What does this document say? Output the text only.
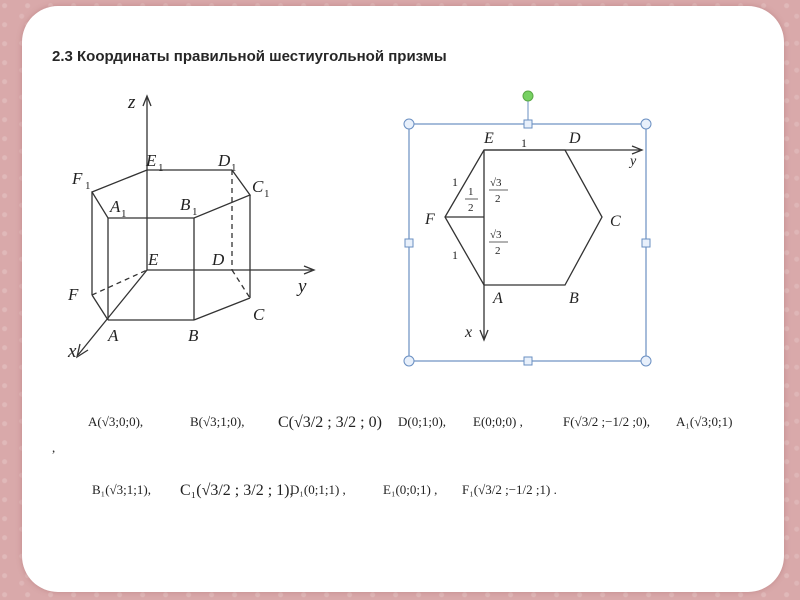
2.3 Координаты правильной шестиугольной призмы
z
y
x
F 1
E 1	D 1
C 1
A 1	B 1
E	D
F
C
A	B
E	D
F	C
A	B
y
x
1
1
1
1
2
√3
2
√3
2
A(√3;0;0),	B(√3;1;0), C(√3/2 ; 3/2 ; 0) D(0;1;0), E(0;0;0) ,	F(√3/2 ;−1/2 ;0), A₁(√3;0;1)
,
B₁(√3;1;1), C₁(√3/2 ; 3/2 ; 1),
D₁(0;1;1) ,	E₁(0;0;1) , F₁(√3/2 ;−1/2 ;1) .
